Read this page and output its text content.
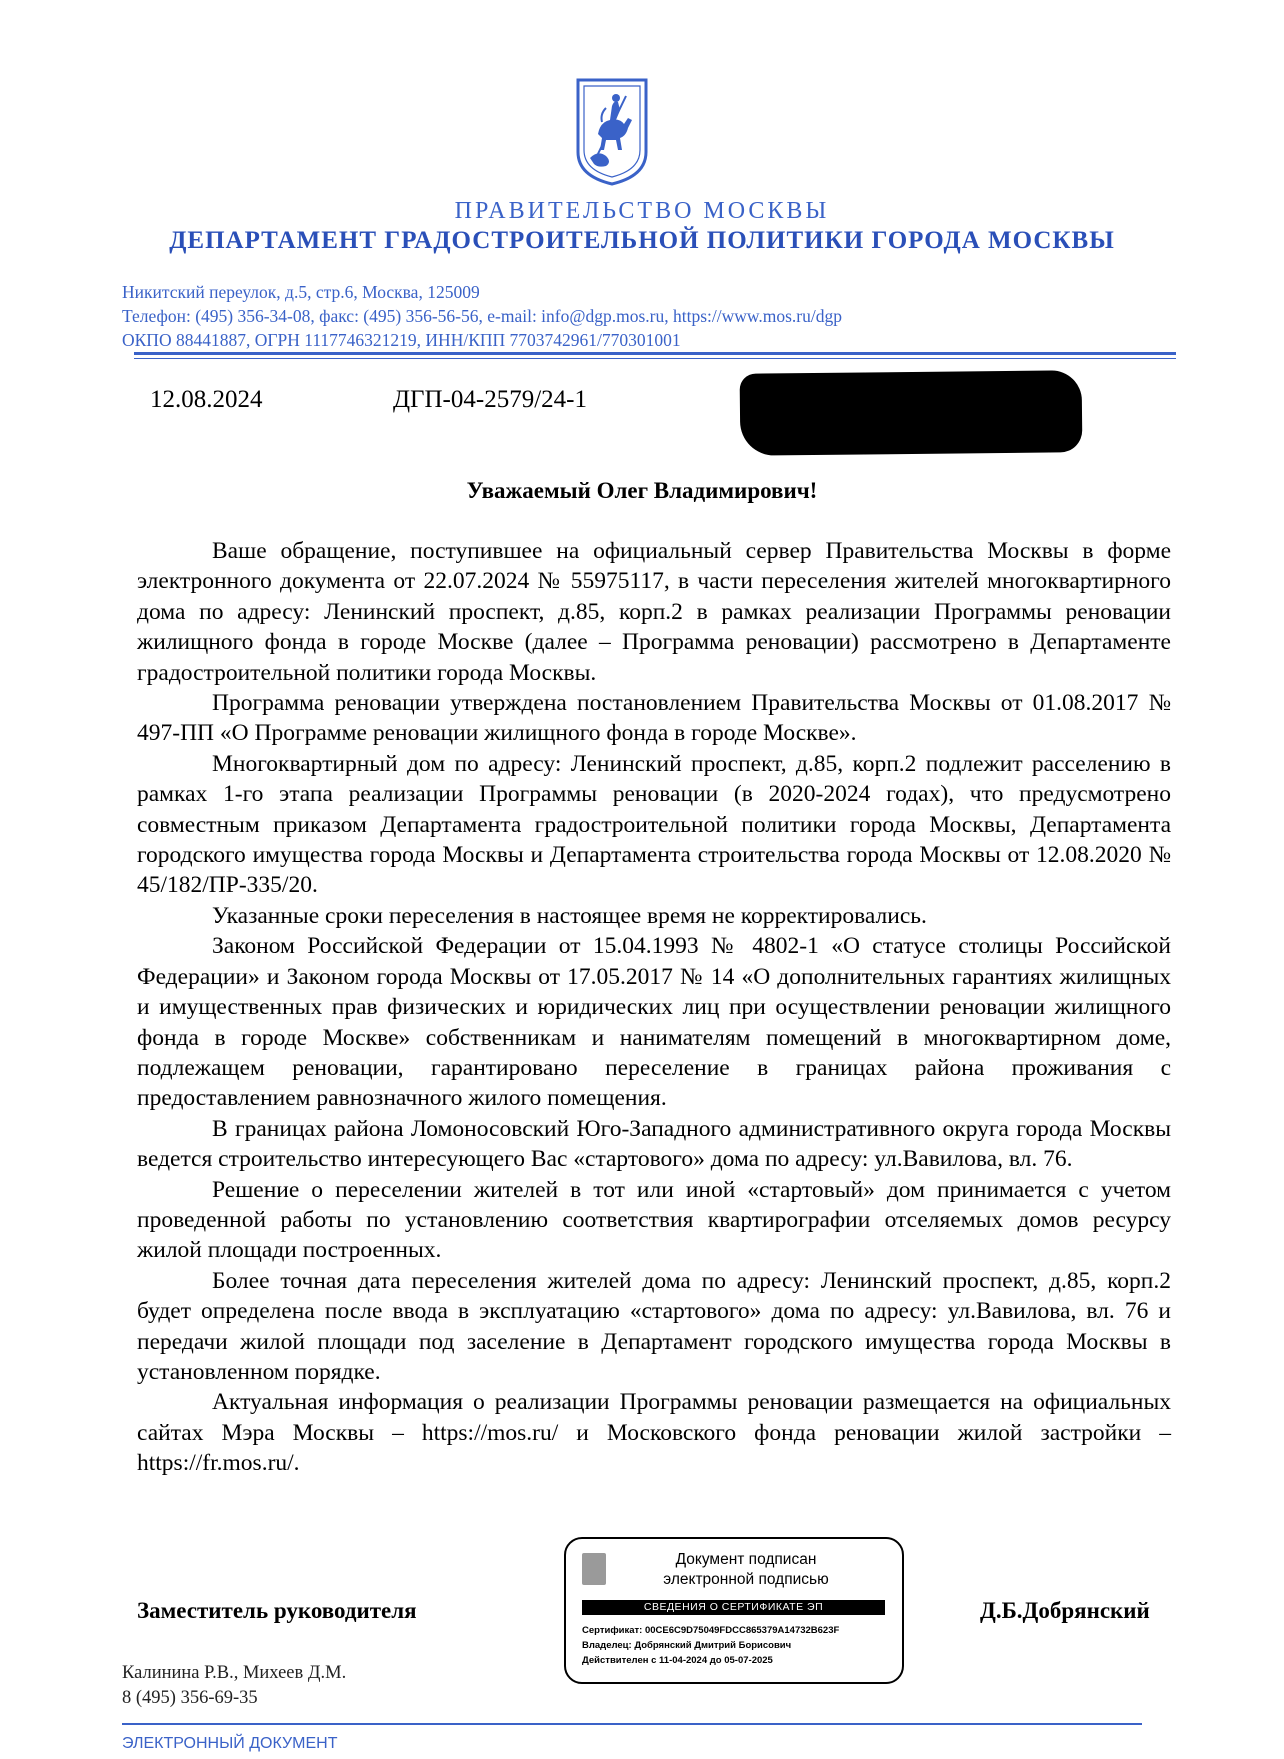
ПРАВИТЕЛЬСТВО МОСКВЫ
ДЕПАРТАМЕНТ ГРАДОСТРОИТЕЛЬНОЙ ПОЛИТИКИ ГОРОДА МОСКВЫ
Никитский переулок, д.5, стр.6, Москва, 125009
Телефон: (495) 356-34-08, факс: (495) 356-56-56, e-mail: info@dgp.mos.ru, https://www.mos.ru/dgp
ОКПО 88441887, ОГРН 1117746321219, ИНН/КПП 7703742961/770301001
12.08.2024	ДГП-04-2579/24-1
Уважаемый Олег Владимирович!

Ваше обращение, поступившее на официальный сервер Правительства Москвы в форме электронного документа от 22.07.2024 № 55975117, в части переселения жителей многоквартирного дома по адресу: Ленинский проспект, д.85, корп.2 в рамках реализации Программы реновации жилищного фонда в городе Москве (далее – Программа реновации) рассмотрено в Департаменте градостроительной политики города Москвы.

Программа реновации утверждена постановлением Правительства Москвы от 01.08.2017 № 497-ПП «О Программе реновации жилищного фонда в городе Москве».

Многоквартирный дом по адресу: Ленинский проспект, д.85, корп.2 подлежит расселению в рамках 1-го этапа реализации Программы реновации (в 2020-2024 годах), что предусмотрено совместным приказом Департамента градостроительной политики города Москвы, Департамента городского имущества города Москвы и Департамента строительства города Москвы от 12.08.2020 № 45/182/ПР-335/20.

Указанные сроки переселения в настоящее время не корректировались.

Законом Российской Федерации от 15.04.1993 № 4802-1 «О статусе столицы Российской Федерации» и Законом города Москвы от 17.05.2017 № 14 «О дополнительных гарантиях жилищных и имущественных прав физических и юридических лиц при осуществлении реновации жилищного фонда в городе Москве» собственникам и нанимателям помещений в многоквартирном доме, подлежащем реновации, гарантировано переселение в границах района проживания с предоставлением равнозначного жилого помещения.

В границах района Ломоносовский Юго-Западного административного округа города Москвы ведется строительство интересующего Вас «стартового» дома по адресу: ул.Вавилова, вл. 76.

Решение о переселении жителей в тот или иной «стартовый» дом принимается с учетом проведенной работы по установлению соответствия квартирографии отселяемых домов ресурсу жилой площади построенных.

Более точная дата переселения жителей дома по адресу: Ленинский проспект, д.85, корп.2 будет определена после ввода в эксплуатацию «стартового» дома по адресу: ул.Вавилова, вл. 76 и передачи жилой площади под заселение в Департамент городского имущества города Москвы в установленном порядке.

Актуальная информация о реализации Программы реновации размещается на официальных сайтах Мэра Москвы – https://mos.ru/ и Московского фонда реновации жилой застройки – https://fr.mos.ru/.

Заместитель руководителя	Д.Б.Добрянский
Документ подписан
электронной подписью
СВЕДЕНИЯ О СЕРТИФИКАТЕ ЭП
Сертификат: 00CE6C9D75049FDCC865379A14732B623F
Владелец: Добрянский Дмитрий Борисович
Действителен с 11-04-2024 до 05-07-2025
Калинина Р.В., Михеев Д.М.
8 (495) 356-69-35
ЭЛЕКТРОННЫЙ ДОКУМЕНТ
